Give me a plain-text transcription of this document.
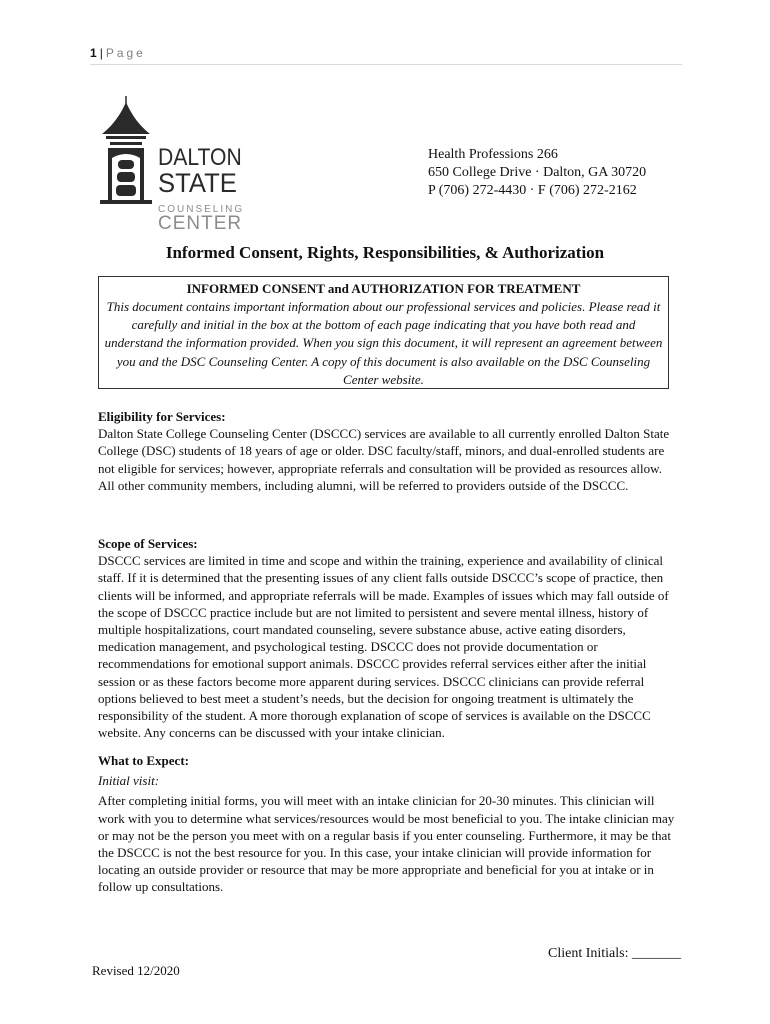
1 | Page
DALTON
STATE
COUNSELING
CENTER
Health Professions 266
650 College Drive · Dalton, GA 30720
P (706) 272-4430 · F (706) 272-2162
Informed Consent, Rights, Responsibilities, & Authorization
INFORMED CONSENT and AUTHORIZATION FOR TREATMENT
This document contains important information about our professional services and policies. Please read it carefully and initial in the box at the bottom of each page indicating that you have both read and understand the information provided. When you sign this document, it will represent an agreement between you and the DSC Counseling Center. A copy of this document is also available on the DSC Counseling Center website.
Eligibility for Services:

Dalton State College Counseling Center (DSCCC) services are available to all currently enrolled Dalton State College (DSC) students of 18 years of age or older. DSC faculty/staff, minors, and dual-enrolled students are not eligible for services; however, appropriate referrals and consultation will be provided as resources allow. All other community members, including alumni, will be referred to providers outside of the DSCCC.

Scope of Services:

DSCCC services are limited in time and scope and within the training, experience and availability of clinical staff. If it is determined that the presenting issues of any client falls outside DSCCC’s scope of practice, then clients will be informed, and appropriate referrals will be made. Examples of issues which may fall outside of the scope of DSCCC practice include but are not limited to persistent and severe mental illness, history of multiple hospitalizations, court mandated counseling, severe substance abuse, active eating disorders, medication management, and psychological testing. DSCCC does not provide documentation or recommendations for emotional support animals. DSCCC provides referral services either after the initial session or as these factors become more apparent during services. DSCCC clinicians can provide referral options believed to best meet a student’s needs, but the decision for ongoing treatment is ultimately the responsibility of the student. A more thorough explanation of scope of services is available on the DSCCC website. Any concerns can be discussed with your intake clinician.

What to Expect:
Initial visit:

After completing initial forms, you will meet with an intake clinician for 20-30 minutes. This clinician will work with you to determine what services/resources would be most beneficial to you. The intake clinician may or may not be the person you meet with on a regular basis if you enter counseling. Furthermore, it may be that the DSCCC is not the best resource for you. In this case, your intake clinician will provide information for locating an outside provider or resource that may be more appropriate and beneficial for you at intake or in follow up consultations.

Client Initials: _______
Revised 12/2020
